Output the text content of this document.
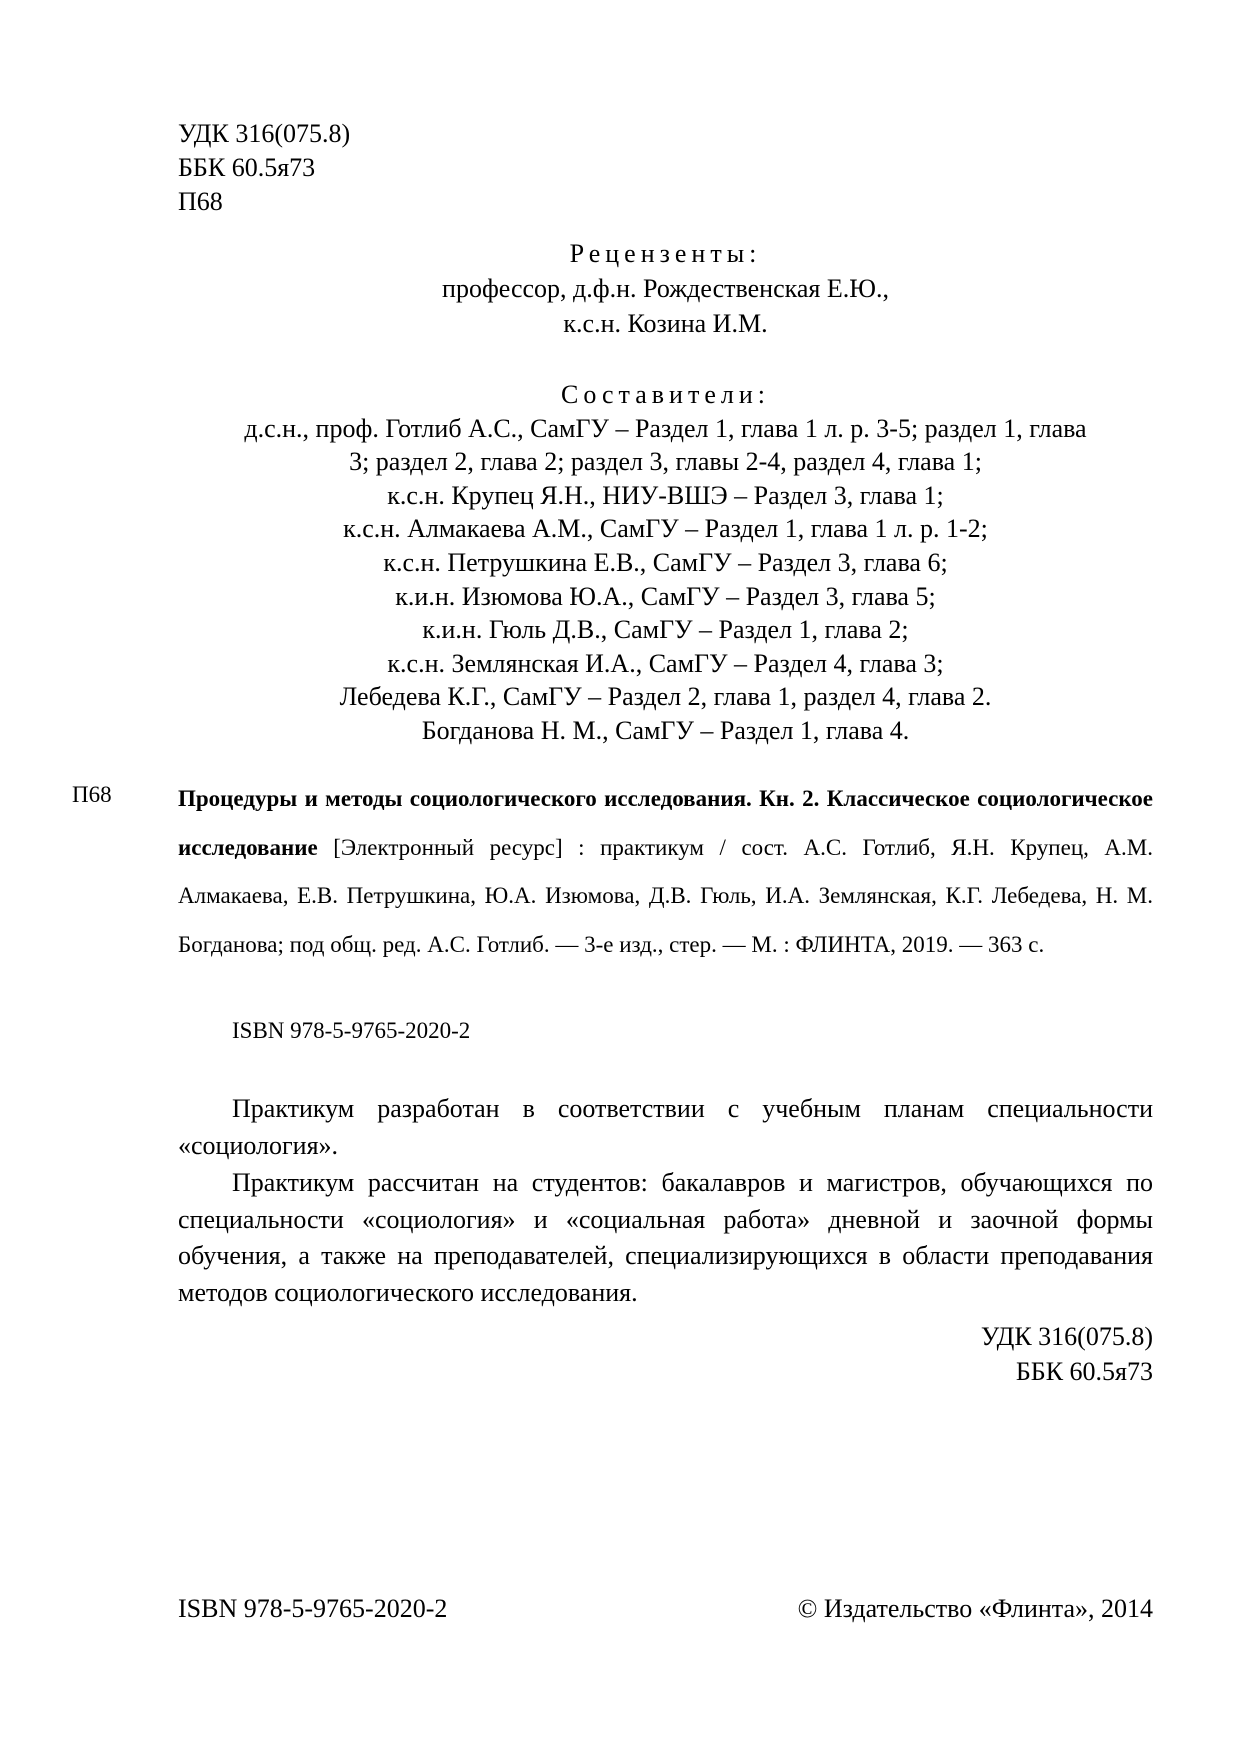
УДК 316(075.8)
ББК 60.5я73
П68
Рецензенты:
профессор, д.ф.н. Рождественская Е.Ю.,
к.с.н. Козина И.М.
Составители:
д.с.н., проф. Готлиб А.С., СамГУ – Раздел 1, глава 1 л. р. 3-5; раздел 1, глава
3; раздел 2, глава 2; раздел 3, главы 2-4, раздел 4, глава 1;
к.с.н. Крупец Я.Н., НИУ-ВШЭ – Раздел 3, глава 1;
к.с.н. Алмакаева А.М., СамГУ – Раздел 1, глава 1 л. р. 1-2;
к.с.н. Петрушкина Е.В., СамГУ – Раздел 3, глава 6;
к.и.н. Изюмова Ю.А., СамГУ – Раздел 3, глава 5;
к.и.н. Гюль Д.В., СамГУ – Раздел 1, глава 2;
к.с.н. Землянская И.А., СамГУ – Раздел 4, глава 3;
Лебедева К.Г., СамГУ – Раздел 2, глава 1, раздел 4, глава 2.
Богданова Н. М., СамГУ – Раздел 1, глава 4.
П68	Процедуры и методы социологического исследования. Кн. 2. Классическое социологическое исследование [Электронный ресурс] : практикум / сост. А.С. Готлиб, Я.Н. Крупец, А.М. Алмакаева, Е.В. Петрушкина, Ю.А. Изюмова, Д.В. Гюль, И.А. Землянская, К.Г. Лебедева, Н. М. Богданова; под общ. ред. А.С. Готлиб. — 3-е изд., стер. — М. : ФЛИНТА, 2019. — 363 с.
ISBN 978-5-9765-2020-2

Практикум разработан в соответствии с учебным планам специальности «социология».

Практикум рассчитан на студентов: бакалавров и магистров, обучающихся по специальности «социология» и «социальная работа» дневной и заочной формы обучения, а также на преподавателей, специализирующихся в области преподавания методов социологического исследования.

УДК 316(075.8)
ББК 60.5я73
ISBN 978-5-9765-2020-2	© Издательство «Флинта», 2014
